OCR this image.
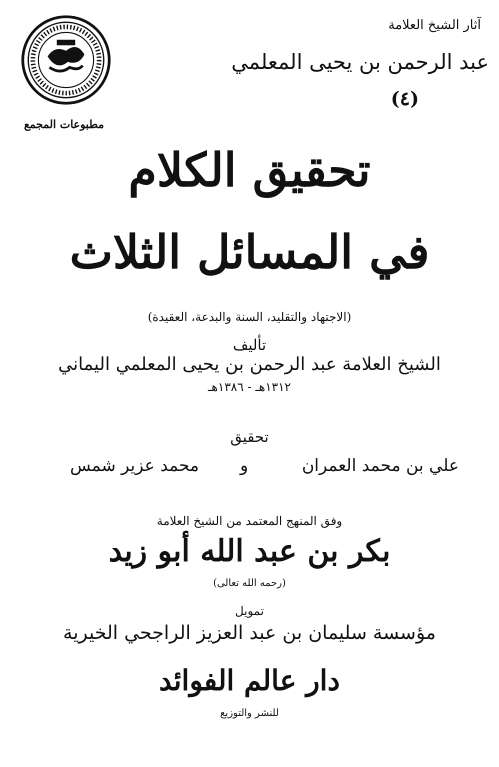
آثار الشيخ العلامة
عبد الرحمن بن يحيى المعلمي
(٤)
مطبوعات المجمع
تحقيق الكلام
في المسائل الثلاث
(الاجتهاد والتقليد، السنة والبدعة، العقيدة)
تأليف
الشيخ العلامة عبد الرحمن بن يحيى المعلمي اليماني
١٣١٢هـ - ١٣٨٦هـ
تحقيق
علي بن محمد العمران
و
محمد عزير شمس
وفق المنهج المعتمد من الشيخ العلامة
بكر بن عبد الله أبو زيد
(رحمه الله تعالى)
تمويل
مؤسسة سليمان بن عبد العزيز الراجحي الخيرية
دار عالم الفوائد
للنشر والتوزيع
